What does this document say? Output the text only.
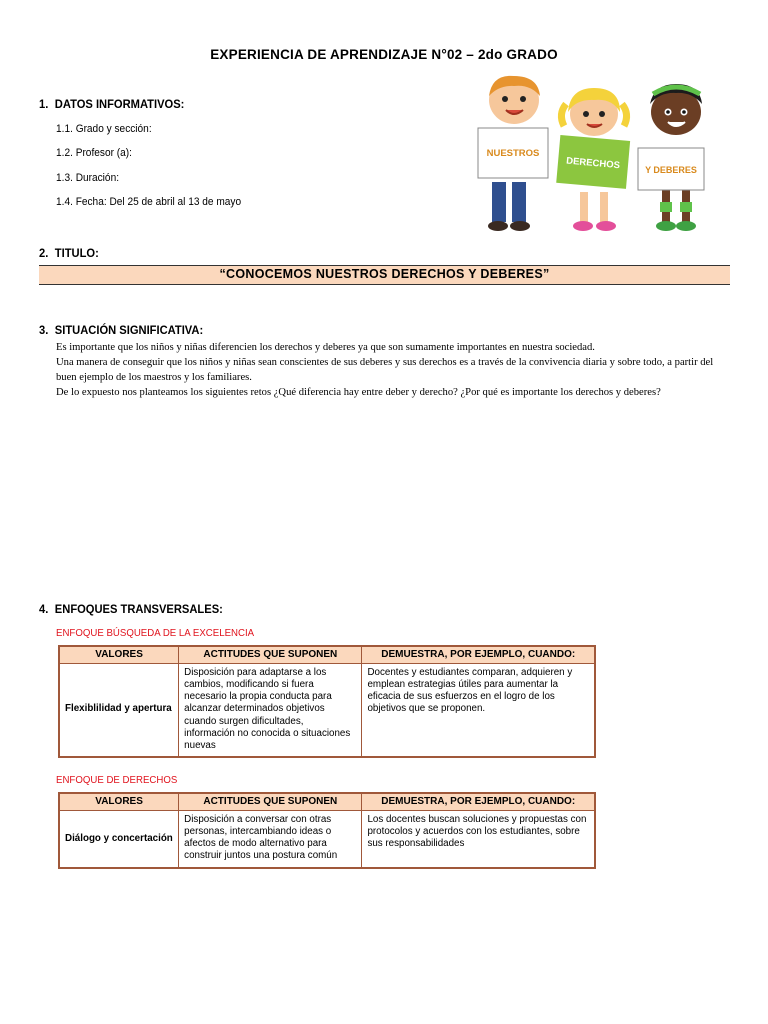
EXPERIENCIA DE APRENDIZAJE N°02 – 2do GRADO
1. DATOS INFORMATIVOS:
1.1. Grado y sección:
1.2. Profesor (a):
1.3. Duración:
1.4. Fecha: Del 25 de abril al 13 de mayo
NUESTROS
DERECHOS	Y DEBERES
2. TITULO:
“CONOCEMOS NUESTROS DERECHOS Y DEBERES”
3. SITUACIÓN SIGNIFICATIVA:

Es importante que los niños y niñas diferencien los derechos y deberes ya que son sumamente importantes en nuestra sociedad.

Una manera de conseguir que los niños y niñas sean conscientes de sus deberes y sus derechos es a través de la convivencia diaria y sobre todo, a partir del buen ejemplo de los maestros y los familiares.

De lo expuesto nos planteamos los siguientes retos ¿Qué diferencia hay entre deber y derecho? ¿Por qué es importante los derechos y deberes?

4. ENFOQUES TRANSVERSALES:
ENFOQUE BÚSQUEDA DE LA EXCELENCIA
VALORES	ACTITUDES QUE SUPONEN	DEMUESTRA, POR EJEMPLO, CUANDO:
Flexiblilidad y apertura	Disposición para adaptarse a los cambios, modificando si fuera necesario la propia conducta para alcanzar determinados objetivos cuando surgen dificultades, información no conocida o situaciones nuevas	Docentes y estudiantes comparan, adquieren y emplean estrategias útiles para aumentar la eficacia de sus esfuerzos en el logro de los objetivos que se proponen.
ENFOQUE DE DERECHOS
VALORES	ACTITUDES QUE SUPONEN	DEMUESTRA, POR EJEMPLO, CUANDO:
Diálogo y concertación	Disposición a conversar con otras personas, intercambiando ideas o afectos de modo alternativo para construir juntos una postura común	Los docentes buscan soluciones y propuestas con protocolos y acuerdos con los estudiantes, sobre sus responsabilidades
